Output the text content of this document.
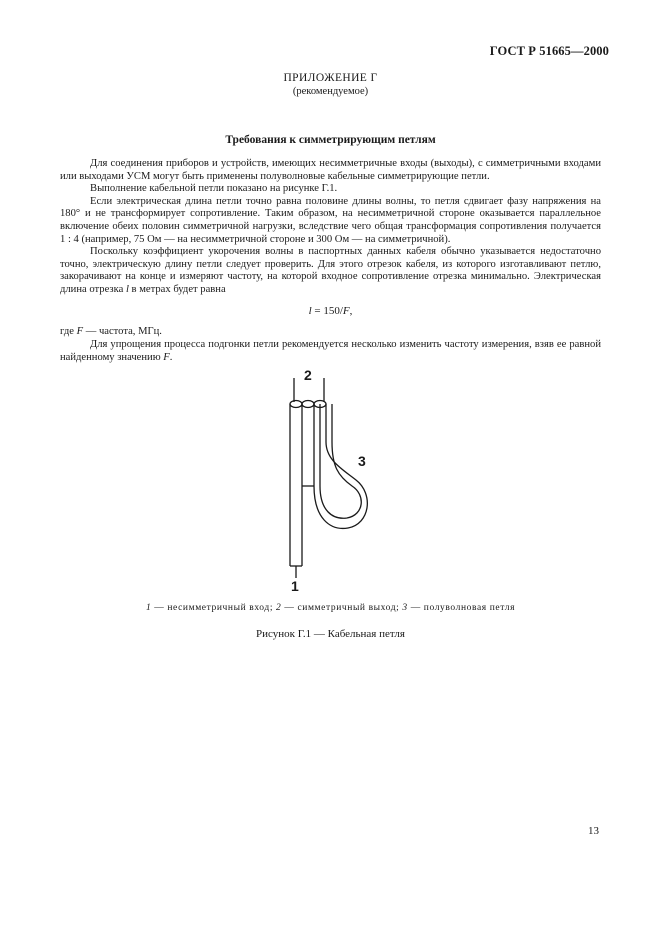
ГОСТ Р 51665—2000
ПРИЛОЖЕНИЕ Г
(рекомендуемое)
Требования к симметрирующим петлям

Для соединения приборов и устройств, имеющих несимметричные входы (выходы), с симметричными входами или выходами УСМ могут быть применены полуволновые кабельные симметрирующие петли.

Выполнение кабельной петли показано на рисунке Г.1.

Если электрическая длина петли точно равна половине длины волны, то петля сдвигает фазу напряжения на 180° и не трансформирует сопротивление. Таким образом, на несимметричной стороне оказывается параллельное включение обеих половин симметричной нагрузки, вследствие чего общая трансформация сопротивления получается 1 : 4 (например, 75 Ом — на несимметричной стороне и 300 Ом — на симметричной).

Поскольку коэффициент укорочения волны в паспортных данных кабеля обычно указывается недостаточно точно, электрическую длину петли следует проверить. Для этого отрезок кабеля, из которого изготавливают петлю, закорачивают на конце и измеряют частоту, на которой входное сопротивление отрезка минимально. Электрическая длина отрезка l в метрах будет равна

l = 150/F,
где F — частота, МГц.

Для упрощения процесса подгонки петли рекомендуется несколько изменить частоту измерения, взяв ее равной найденному значению F.

2
3
1
1 — несимметричный вход; 2 — симметричный выход; 3 — полуволновая петля
Рисунок Г.1 — Кабельная петля
13
